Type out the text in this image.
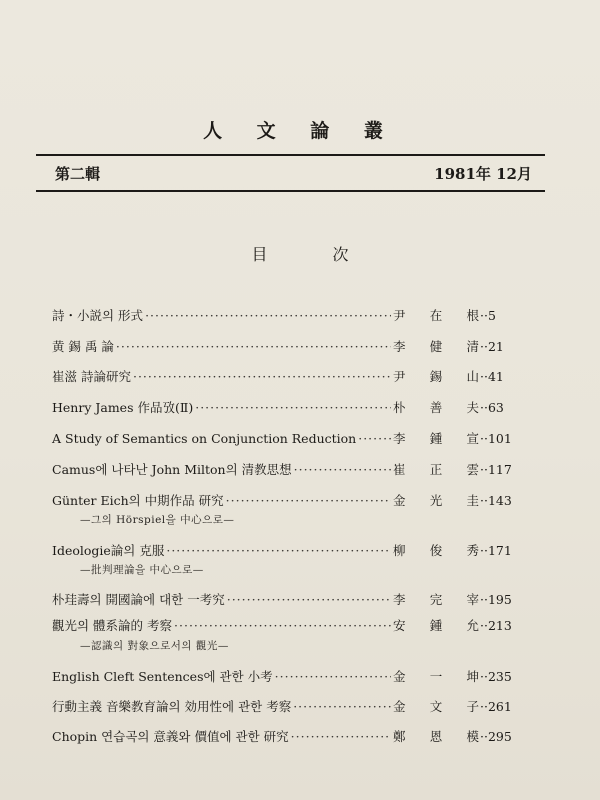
人 文 論 叢
第二輯	1981年 12月
目 次
詩・小説의 形式 ·····	尹 在 根 ··5
黄 錫 禹 論 ·····	李 健 清 ··21
崔滋 詩論研究 ·····	尹 錫 山 ··41
Henry James 作品攷(Ⅱ) ·····	朴 善 夫 ··63
A Study of Semantics on Conjunction Reduction ·····	李 鍾 宣 ··101
Camus에 나타난 John Milton의 清教思想 ·····	崔 正 雲 ··117
Günter Eich의 中期作品 研究 ·····	金 光 圭 ··143
—그의 Hörspiel을 中心으로—
Ideologie論의 克服 ·····	柳 俊 秀 ··171
—批判理論을 中心으로—
朴珪壽의 開國論에 대한 一考究 ·····	李 完 宰 ··195
觀光의 體系論的 考察 ·····	安 鍾 允 ··213
—認識의 對象으로서의 觀光—
English Cleft Sentences에 관한 小考 ·····	金 一 坤 ··235
行動主義 音樂教育論의 効用性에 관한 考察 ·····	金 文 子 ··261
Chopin 연습곡의 意義와 價值에 관한 研究 ·····	鄭 恩 模 ··295
